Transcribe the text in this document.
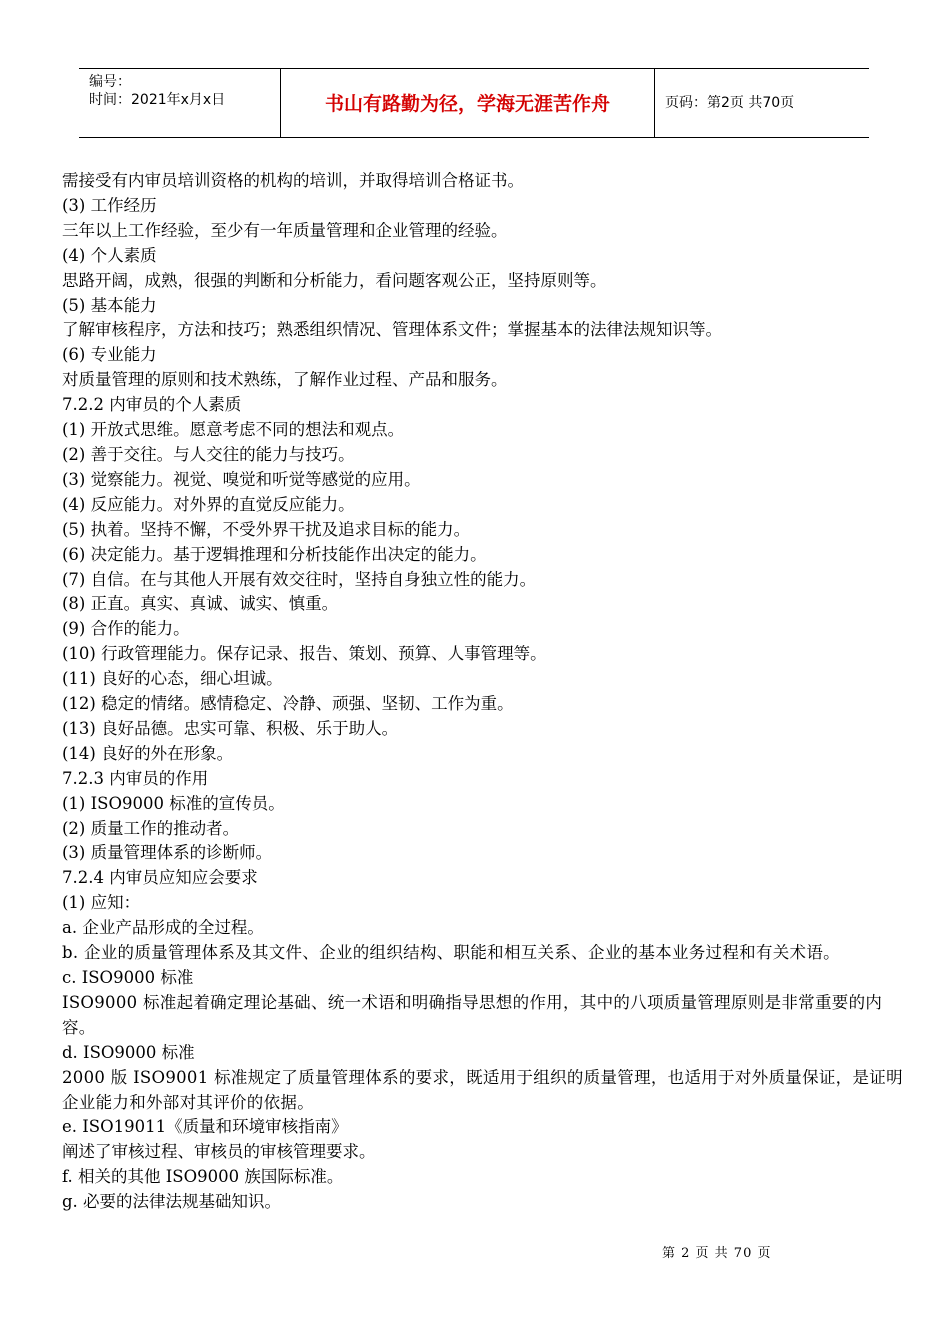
编号：
时间：2021年x月x日	书山有路勤为径，学海无涯苦作舟	页码：第2页 共70页
需接受有内审员培训资格的机构的培训，并取得培训合格证书。
(3) 工作经历
三年以上工作经验，至少有一年质量管理和企业管理的经验。
(4) 个人素质
思路开阔，成熟，很强的判断和分析能力，看问题客观公正，坚持原则等。
(5) 基本能力
了解审核程序，方法和技巧；熟悉组织情况、管理体系文件；掌握基本的法律法规知识等。
(6) 专业能力
对质量管理的原则和技术熟练，了解作业过程、产品和服务。
7.2.2 内审员的个人素质
(1) 开放式思维。愿意考虑不同的想法和观点。
(2) 善于交往。与人交往的能力与技巧。
(3) 觉察能力。视觉、嗅觉和听觉等感觉的应用。
(4) 反应能力。对外界的直觉反应能力。
(5) 执着。坚持不懈，不受外界干扰及追求目标的能力。
(6) 决定能力。基于逻辑推理和分析技能作出决定的能力。
(7) 自信。在与其他人开展有效交往时，坚持自身独立性的能力。
(8) 正直。真实、真诚、诚实、慎重。
(9) 合作的能力。
(10) 行政管理能力。保存记录、报告、策划、预算、人事管理等。
(11) 良好的心态，细心坦诚。
(12) 稳定的情绪。感情稳定、冷静、顽强、坚韧、工作为重。
(13) 良好品德。忠实可靠、积极、乐于助人。
(14) 良好的外在形象。
7.2.3 内审员的作用
(1) ISO9000 标准的宣传员。
(2) 质量工作的推动者。
(3) 质量管理体系的诊断师。
7.2.4 内审员应知应会要求
(1) 应知：
a. 企业产品形成的全过程。
b. 企业的质量管理体系及其文件、企业的组织结构、职能和相互关系、企业的基本业务过程和有关术语。
c. ISO9000 标准
ISO9000 标准起着确定理论基础、统一术语和明确指导思想的作用，其中的八项质量管理原则是非常重要的内容。
d. ISO9000 标准
2000 版 ISO9001 标准规定了质量管理体系的要求，既适用于组织的质量管理，也适用于对外质量保证，是证明企业能力和外部对其评价的依据。
e. ISO19011《质量和环境审核指南》
阐述了审核过程、审核员的审核管理要求。
f. 相关的其他 ISO9000 族国际标准。
g. 必要的法律法规基础知识。
第 2 页 共 70 页
